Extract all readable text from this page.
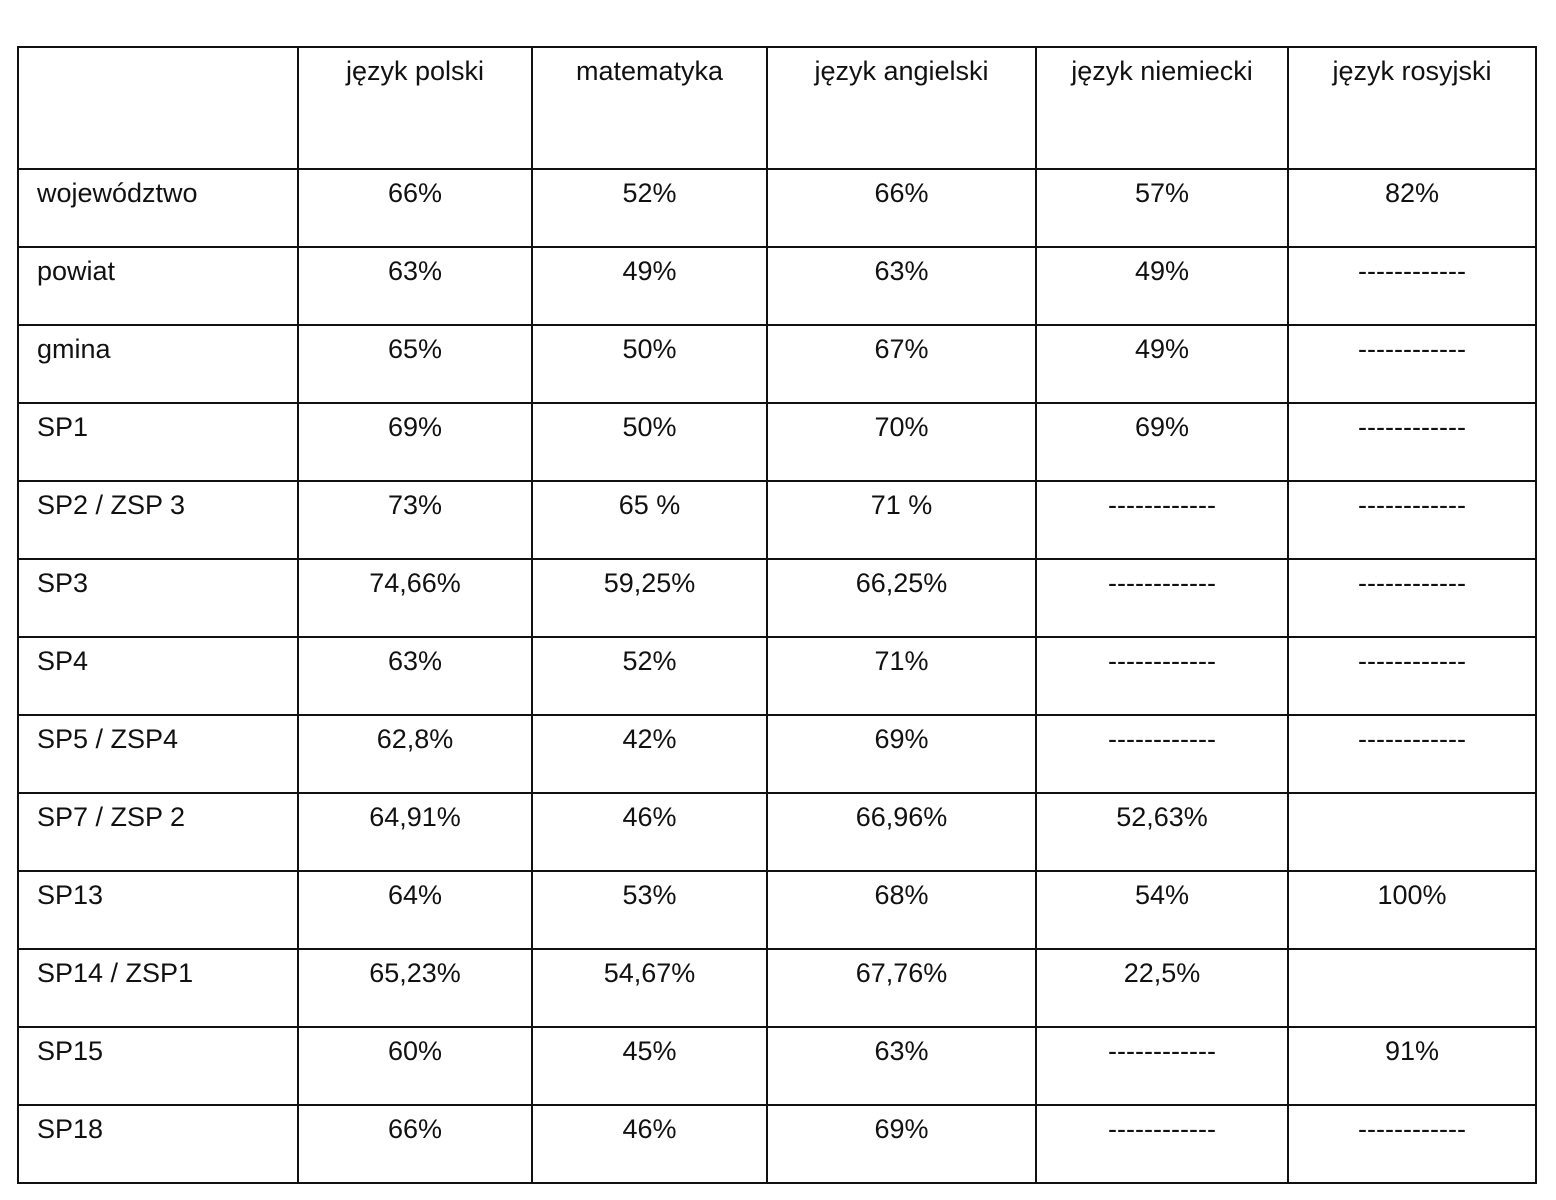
	język polski	matematyka	język angielski	język niemiecki	język rosyjski
województwo	66%	52%	66%	57%	82%
powiat	63%	49%	63%	49%	------------
gmina	65%	50%	67%	49%	------------
SP1	69%	50%	70%	69%	------------
SP2 / ZSP 3	73%	65 %	71 %	------------	------------
SP3	74,66%	59,25%	66,25%	------------	------------
SP4	63%	52%	71%	------------	------------
SP5 / ZSP4	62,8%	42%	69%	------------	------------
SP7 / ZSP 2	64,91%	46%	66,96%	52,63%	
SP13	64%	53%	68%	54%	100%
SP14 / ZSP1	65,23%	54,67%	67,76%	22,5%	
SP15	60%	45%	63%	------------	91%
SP18	66%	46%	69%	------------	------------
